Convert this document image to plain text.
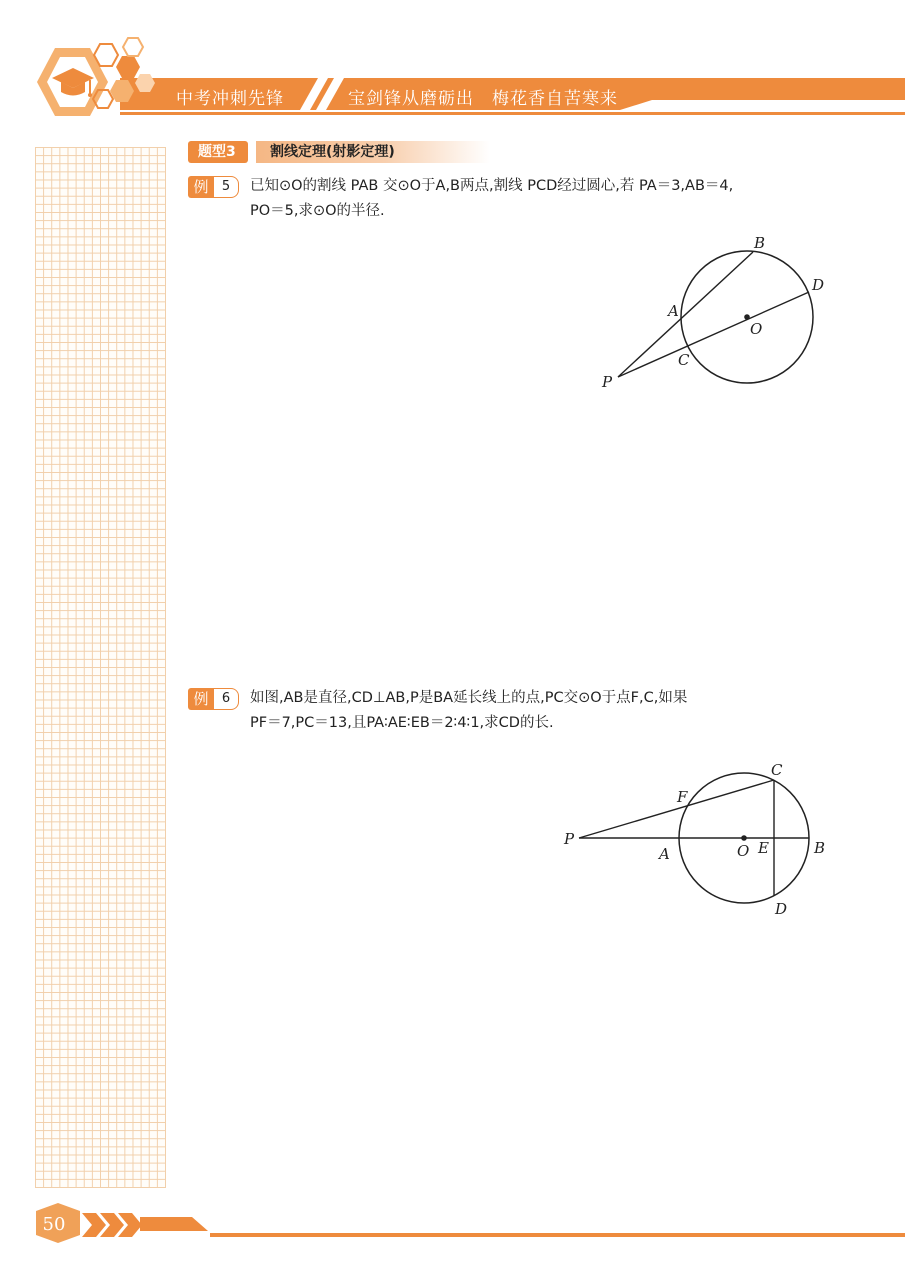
中考冲刺先锋	宝剑锋从磨砺出　梅花香自苦寒来
题型3	割线定理(射影定理)
例	5	已知⊙O的割线 PAB 交⊙O于A,B两点,割线 PCD经过圆心,若 PA＝3,AB＝4,
PO＝5,求⊙O的半径.
B
D
A
O
C
P
例	6	如图,AB是直径,CD⊥AB,P是BA延长线上的点,PC交⊙O于点F,C,如果
PF＝7,PC＝13,且PA∶AE∶EB＝2∶4∶1,求CD的长.
C
F
P
A	O E	B
D
50
